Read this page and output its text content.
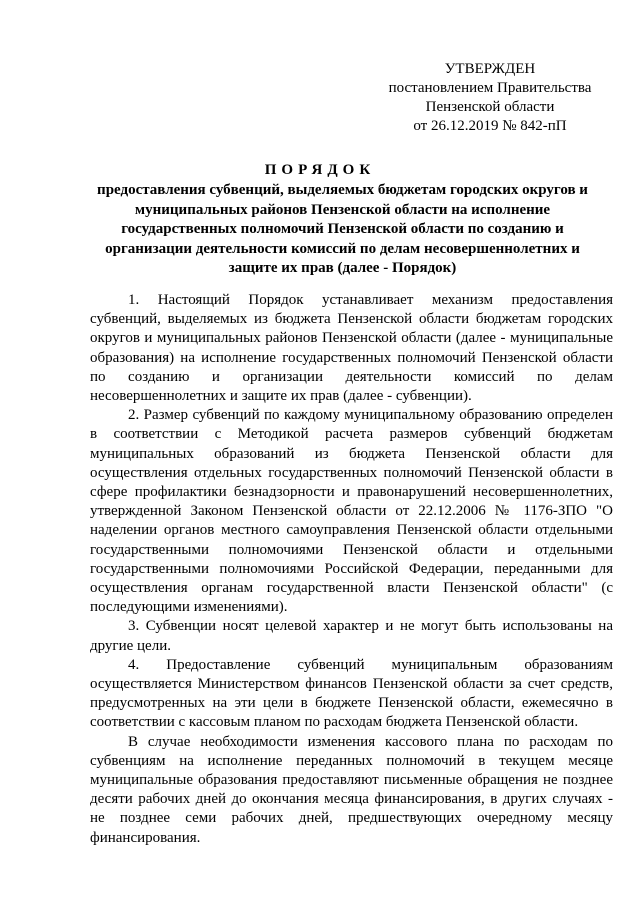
УТВЕРЖДЕН
постановлением Правительства
Пензенской области
от 26.12.2019 № 842-пП
ПОРЯДОК
предоставления субвенций, выделяемых бюджетам городских округов и муниципальных районов Пензенской области на исполнение государственных полномочий Пензенской области по созданию и организации деятельности комиссий по делам несовершеннолетних и защите их прав (далее - Порядок)

1. Настоящий Порядок устанавливает механизм предоставления субвенций, выделяемых из бюджета Пензенской области бюджетам городских округов и муниципальных районов Пензенской области (далее - муниципальные образования) на исполнение государственных полномочий Пензенской области по созданию и организации деятельности комиссий по делам несовершеннолетних и защите их прав (далее - субвенции).

2. Размер субвенций по каждому муниципальному образованию определен в соответствии с Методикой расчета размеров субвенций бюджетам муниципальных образований из бюджета Пензенской области для осуществления отдельных государственных полномочий Пензенской области в сфере профилактики безнадзорности и правонарушений несовершеннолетних, утвержденной Законом Пензенской области от 22.12.2006 № 1176-ЗПО "О наделении органов местного самоуправления Пензенской области отдельными государственными полномочиями Пензенской области и отдельными государственными полномочиями Российской Федерации, переданными для осуществления органам государственной власти Пензенской области" (с последующими изменениями).

3. Субвенции носят целевой характер и не могут быть использованы на другие цели.

4. Предоставление субвенций муниципальным образованиям осуществляется Министерством финансов Пензенской области за счет средств, предусмотренных на эти цели в бюджете Пензенской области, ежемесячно в соответствии с кассовым планом по расходам бюджета Пензенской области.

В случае необходимости изменения кассового плана по расходам по субвенциям на исполнение переданных полномочий в текущем месяце муниципальные образования предоставляют письменные обращения не позднее десяти рабочих дней до окончания месяца финансирования, в других случаях - не позднее семи рабочих дней, предшествующих очередному месяцу финансирования.
